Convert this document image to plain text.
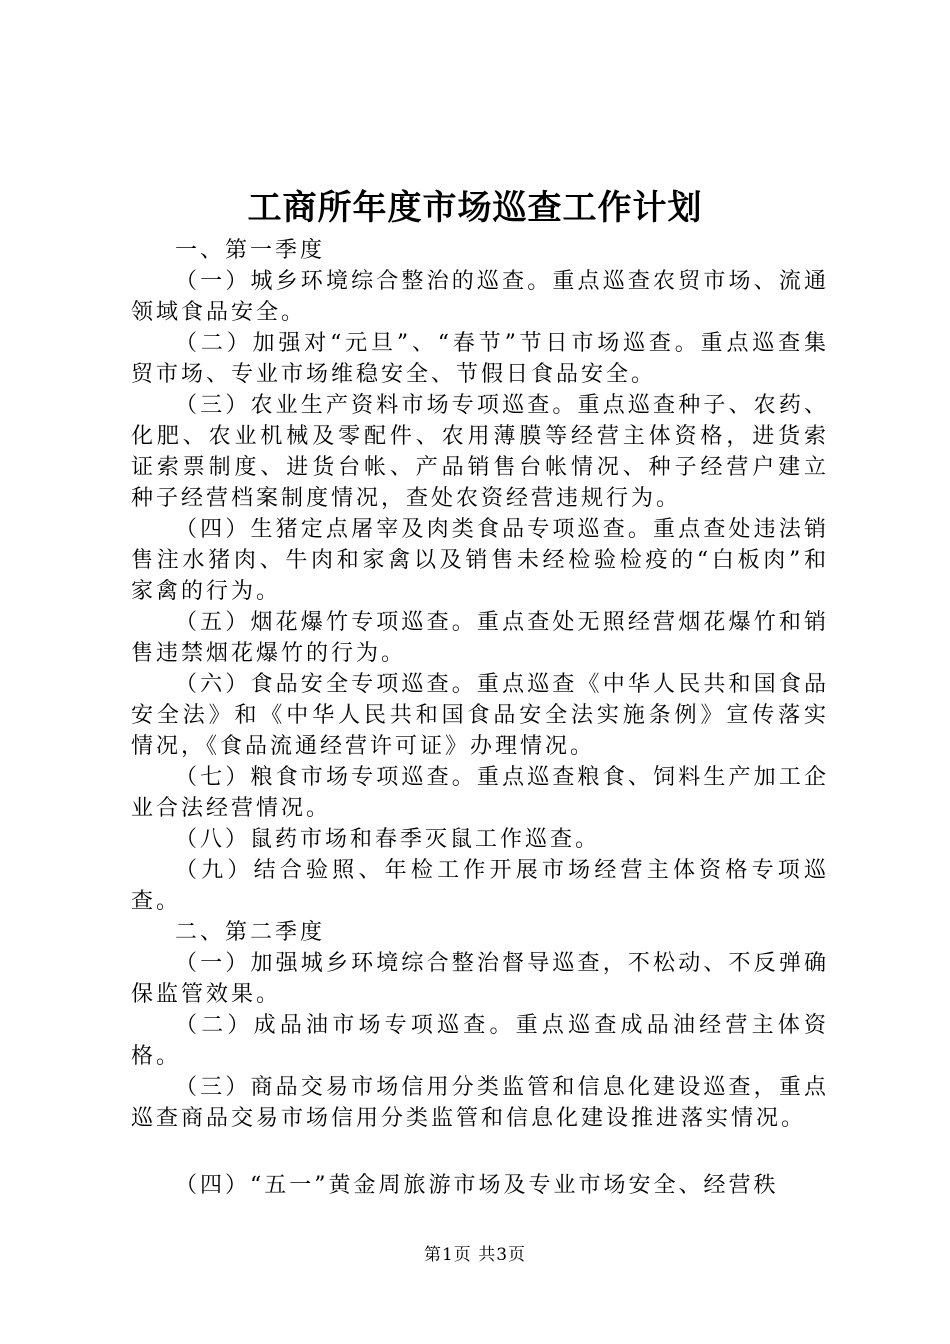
工商所年度市场巡查工作计划

一、第一季度

（一）城乡环境综合整治的巡查。重点巡查农贸市场、流通领域食品安全。

（二）加强对“元旦”、“春节”节日市场巡查。重点巡查集贸市场、专业市场维稳安全、节假日食品安全。

（三）农业生产资料市场专项巡查。重点巡查种子、农药、化肥、农业机械及零配件、农用薄膜等经营主体资格，进货索证索票制度、进货台帐、产品销售台帐情况、种子经营户建立种子经营档案制度情况，查处农资经营违规行为。

（四）生猪定点屠宰及肉类食品专项巡查。重点查处违法销售注水猪肉、牛肉和家禽以及销售未经检验检疫的“白板肉”和家禽的行为。

（五）烟花爆竹专项巡查。重点查处无照经营烟花爆竹和销售违禁烟花爆竹的行为。

（六）食品安全专项巡查。重点巡查《中华人民共和国食品安全法》和《中华人民共和国食品安全法实施条例》宣传落实情况，《食品流通经营许可证》办理情况。

（七）粮食市场专项巡查。重点巡查粮食、饲料生产加工企业合法经营情况。

（八）鼠药市场和春季灭鼠工作巡查。

（九）结合验照、年检工作开展市场经营主体资格专项巡查。

二、第二季度

（一）加强城乡环境综合整治督导巡查，不松动、不反弹确保监管效果。

（二）成品油市场专项巡查。重点巡查成品油经营主体资格。

（三）商品交易市场信用分类监管和信息化建设巡查，重点巡查商品交易市场信用分类监管和信息化建设推进落实情况。

（四）“五一”黄金周旅游市场及专业市场安全、经营秩

第1页 共3页
